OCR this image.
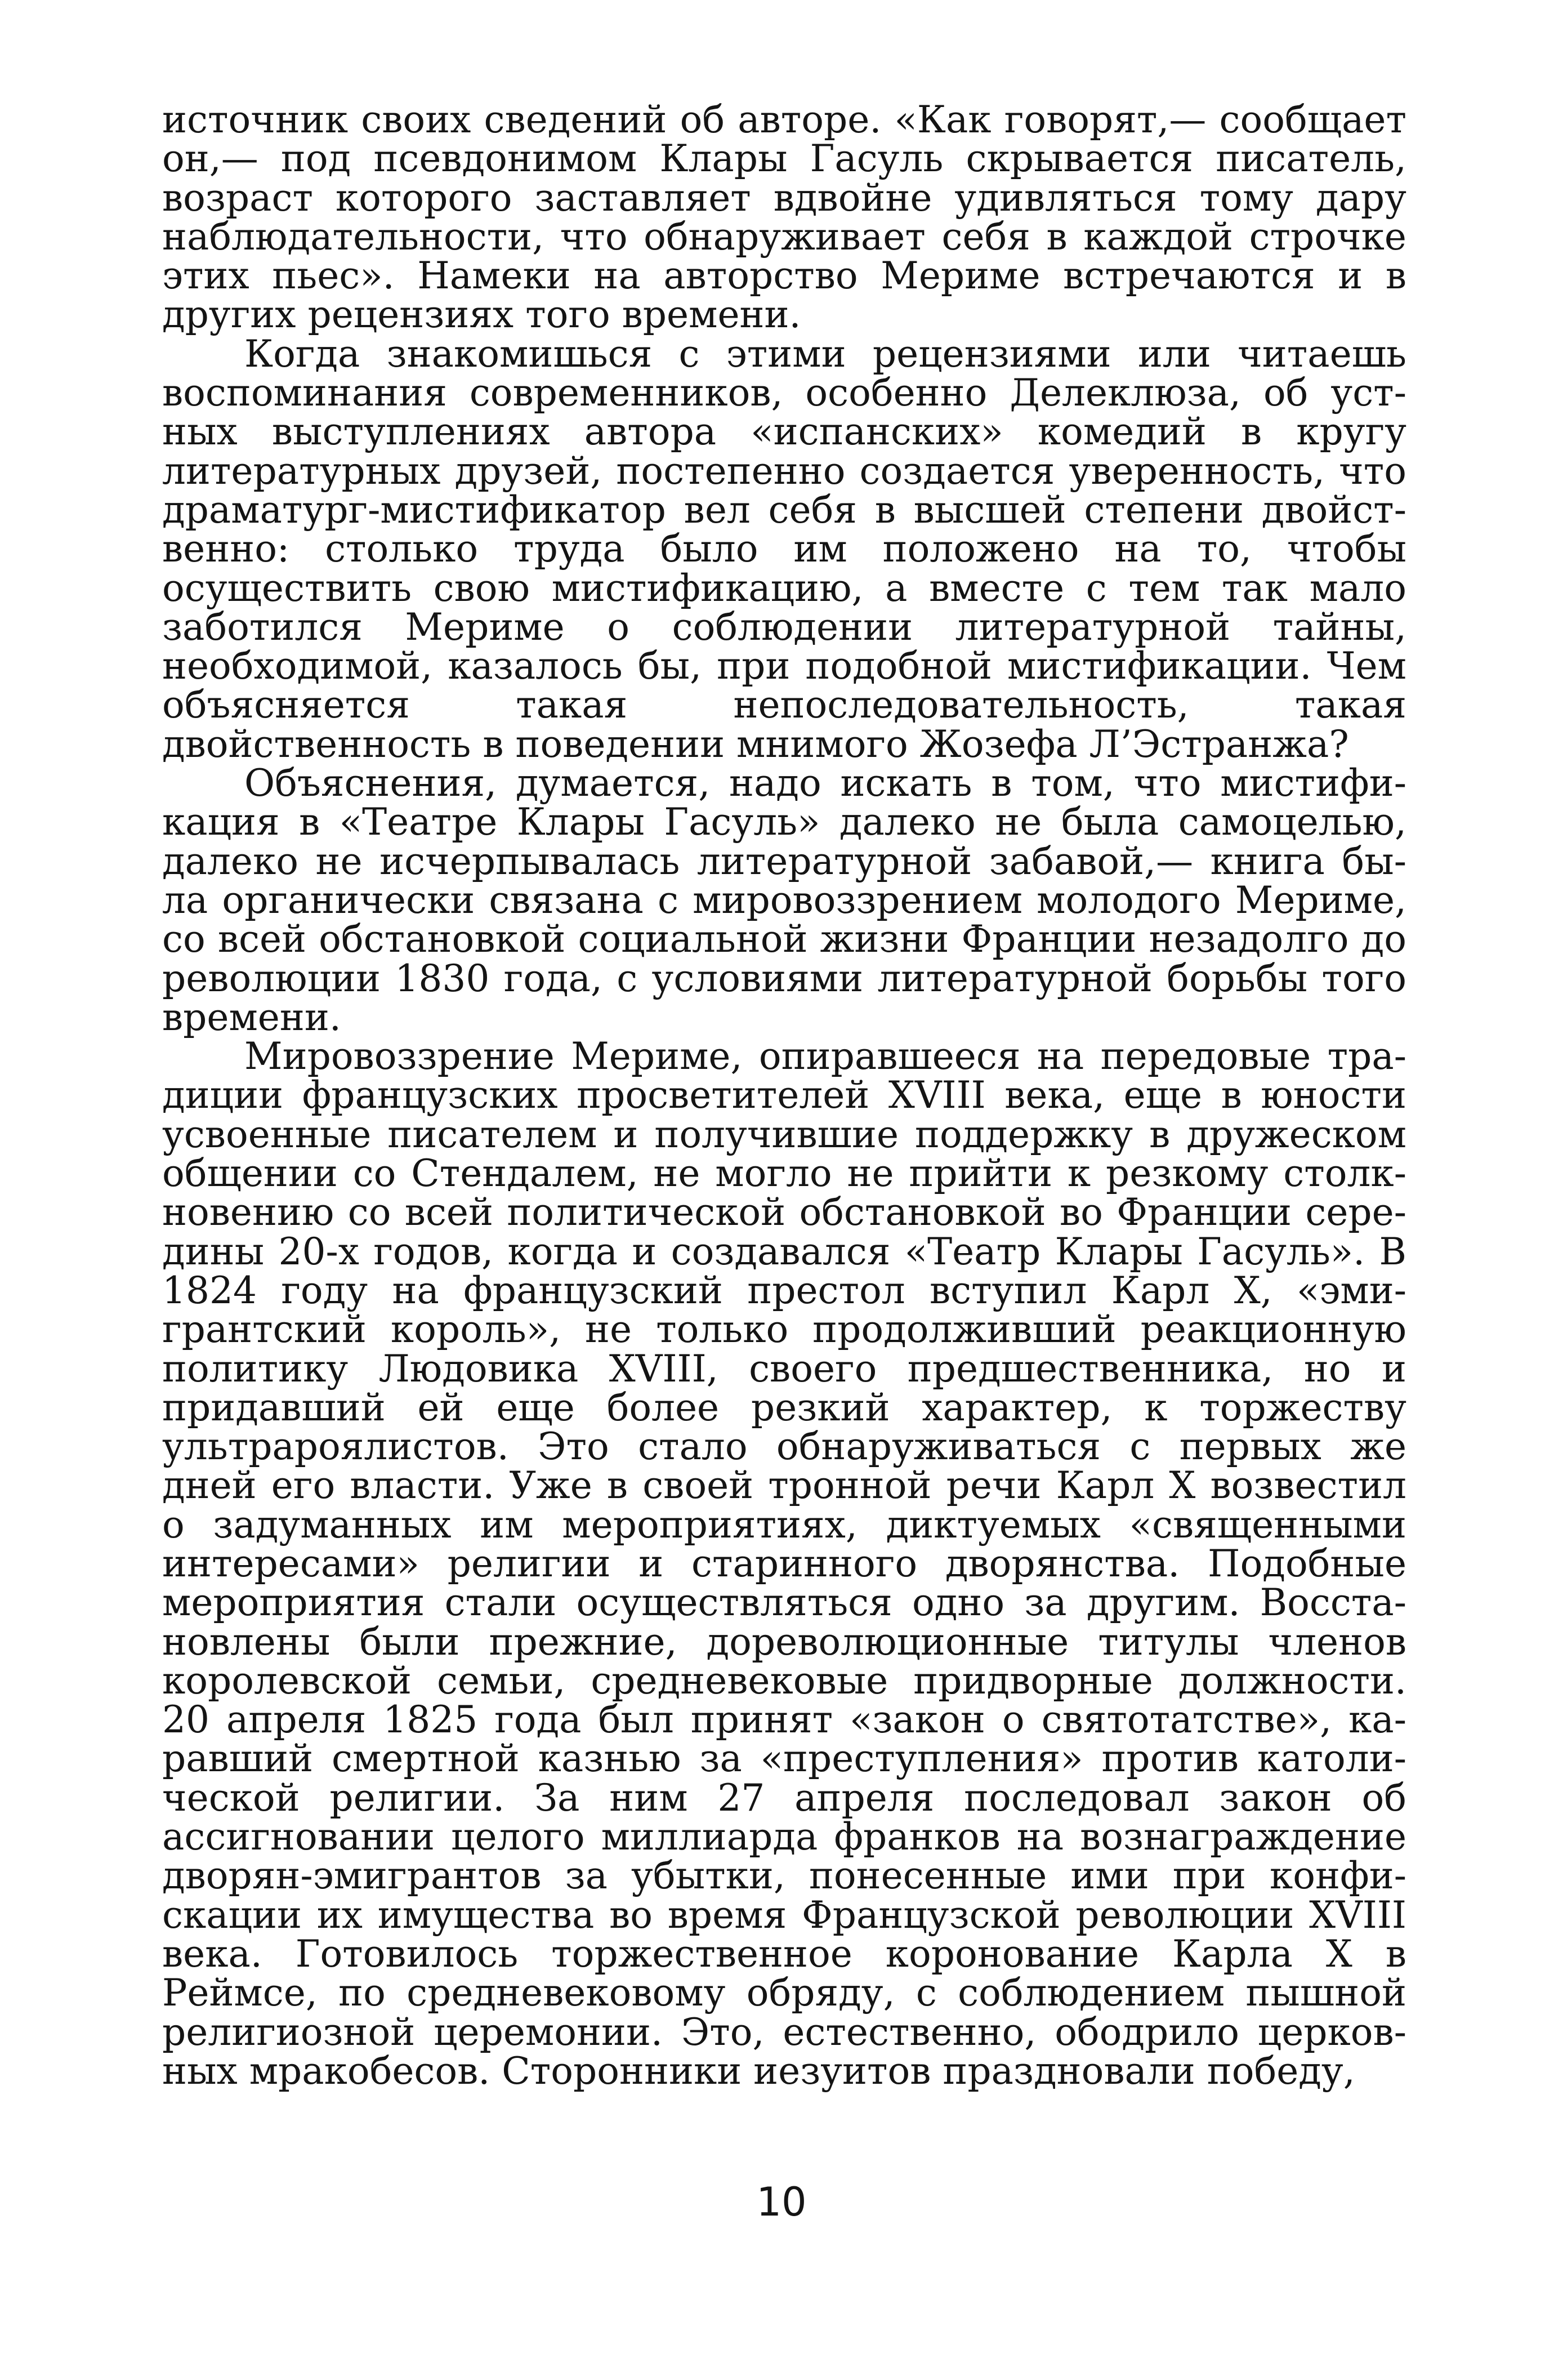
источник своих сведений об авторе. «Как говорят,— сообщает он,— под псевдонимом Клары Гасуль скрывается писатель, возраст которого заставляет вдвойне удивляться тому дару наблюдательности, что обнаруживает себя в каждой строчке этих пьес». Намеки на авторство Мериме встречаются и в других рецензиях того времени.

Когда знакомишься с этими рецензиями или читаешь воспоминания современников, особенно Делеклюза, об устных выступлениях автора «испанских» комедий в кругу литературных друзей, постепенно создается уверенность, что драматург-мистификатор вел себя в высшей степени двойственно: столько труда было им положено на то, чтобы осуществить свою мистификацию, а вместе с тем так мало заботился Мериме о соблюдении литературной тайны, необходимой, казалось бы, при подобной мистификации. Чем объясняется такая непоследовательность, такая двойственность в поведении мнимого Жозефа Л’Эстранжа?

Объяснения, думается, надо искать в том, что мистификация в «Театре Клары Гасуль» далеко не была самоцелью, далеко не исчерпывалась литературной забавой,— книга была органически связана с мировоззрением молодого Мериме, со всей обстановкой социальной жизни Франции незадолго до революции 1830 года, с условиями литературной борьбы того времени.

Мировоззрение Мериме, опиравшееся на передовые традиции французских просветителей XVIII века, еще в юности усвоенные писателем и получившие поддержку в дружеском общении со Стендалем, не могло не прийти к резкому столкновению со всей политической обстановкой во Франции середины 20-х годов, когда и создавался «Театр Клары Гасуль». В 1824 году на французский престол вступил Карл X, «эмигрантский король», не только продолживший реакционную политику Людовика XVIII, своего предшественника, но и придавший ей еще более резкий характер, к торжеству ультрароялистов. Это стало обнаруживаться с первых же дней его власти. Уже в своей тронной речи Карл X возвестил о задуманных им мероприятиях, диктуемых «священными интересами» религии и старинного дворянства. Подобные мероприятия стали осуществляться одно за другим. Восстановлены были прежние, дореволюционные титулы членов королевской семьи, средневековые придворные должности. 20 апреля 1825 года был принят «закон о святотатстве», каравший смертной казнью за «преступления» против католической религии. За ним 27 апреля последовал закон об ассигновании целого миллиарда франков на вознаграждение дворян-эмигрантов за убытки, понесенные ими при конфискации их имущества во время Французской революции XVIII века. Готовилось торжественное коронование Карла X в Реймсе, по средневековому обряду, с соблюдением пышной религиозной церемонии. Это, естественно, ободрило церковных мракобесов. Сторонники иезуитов праздновали победу,

10
